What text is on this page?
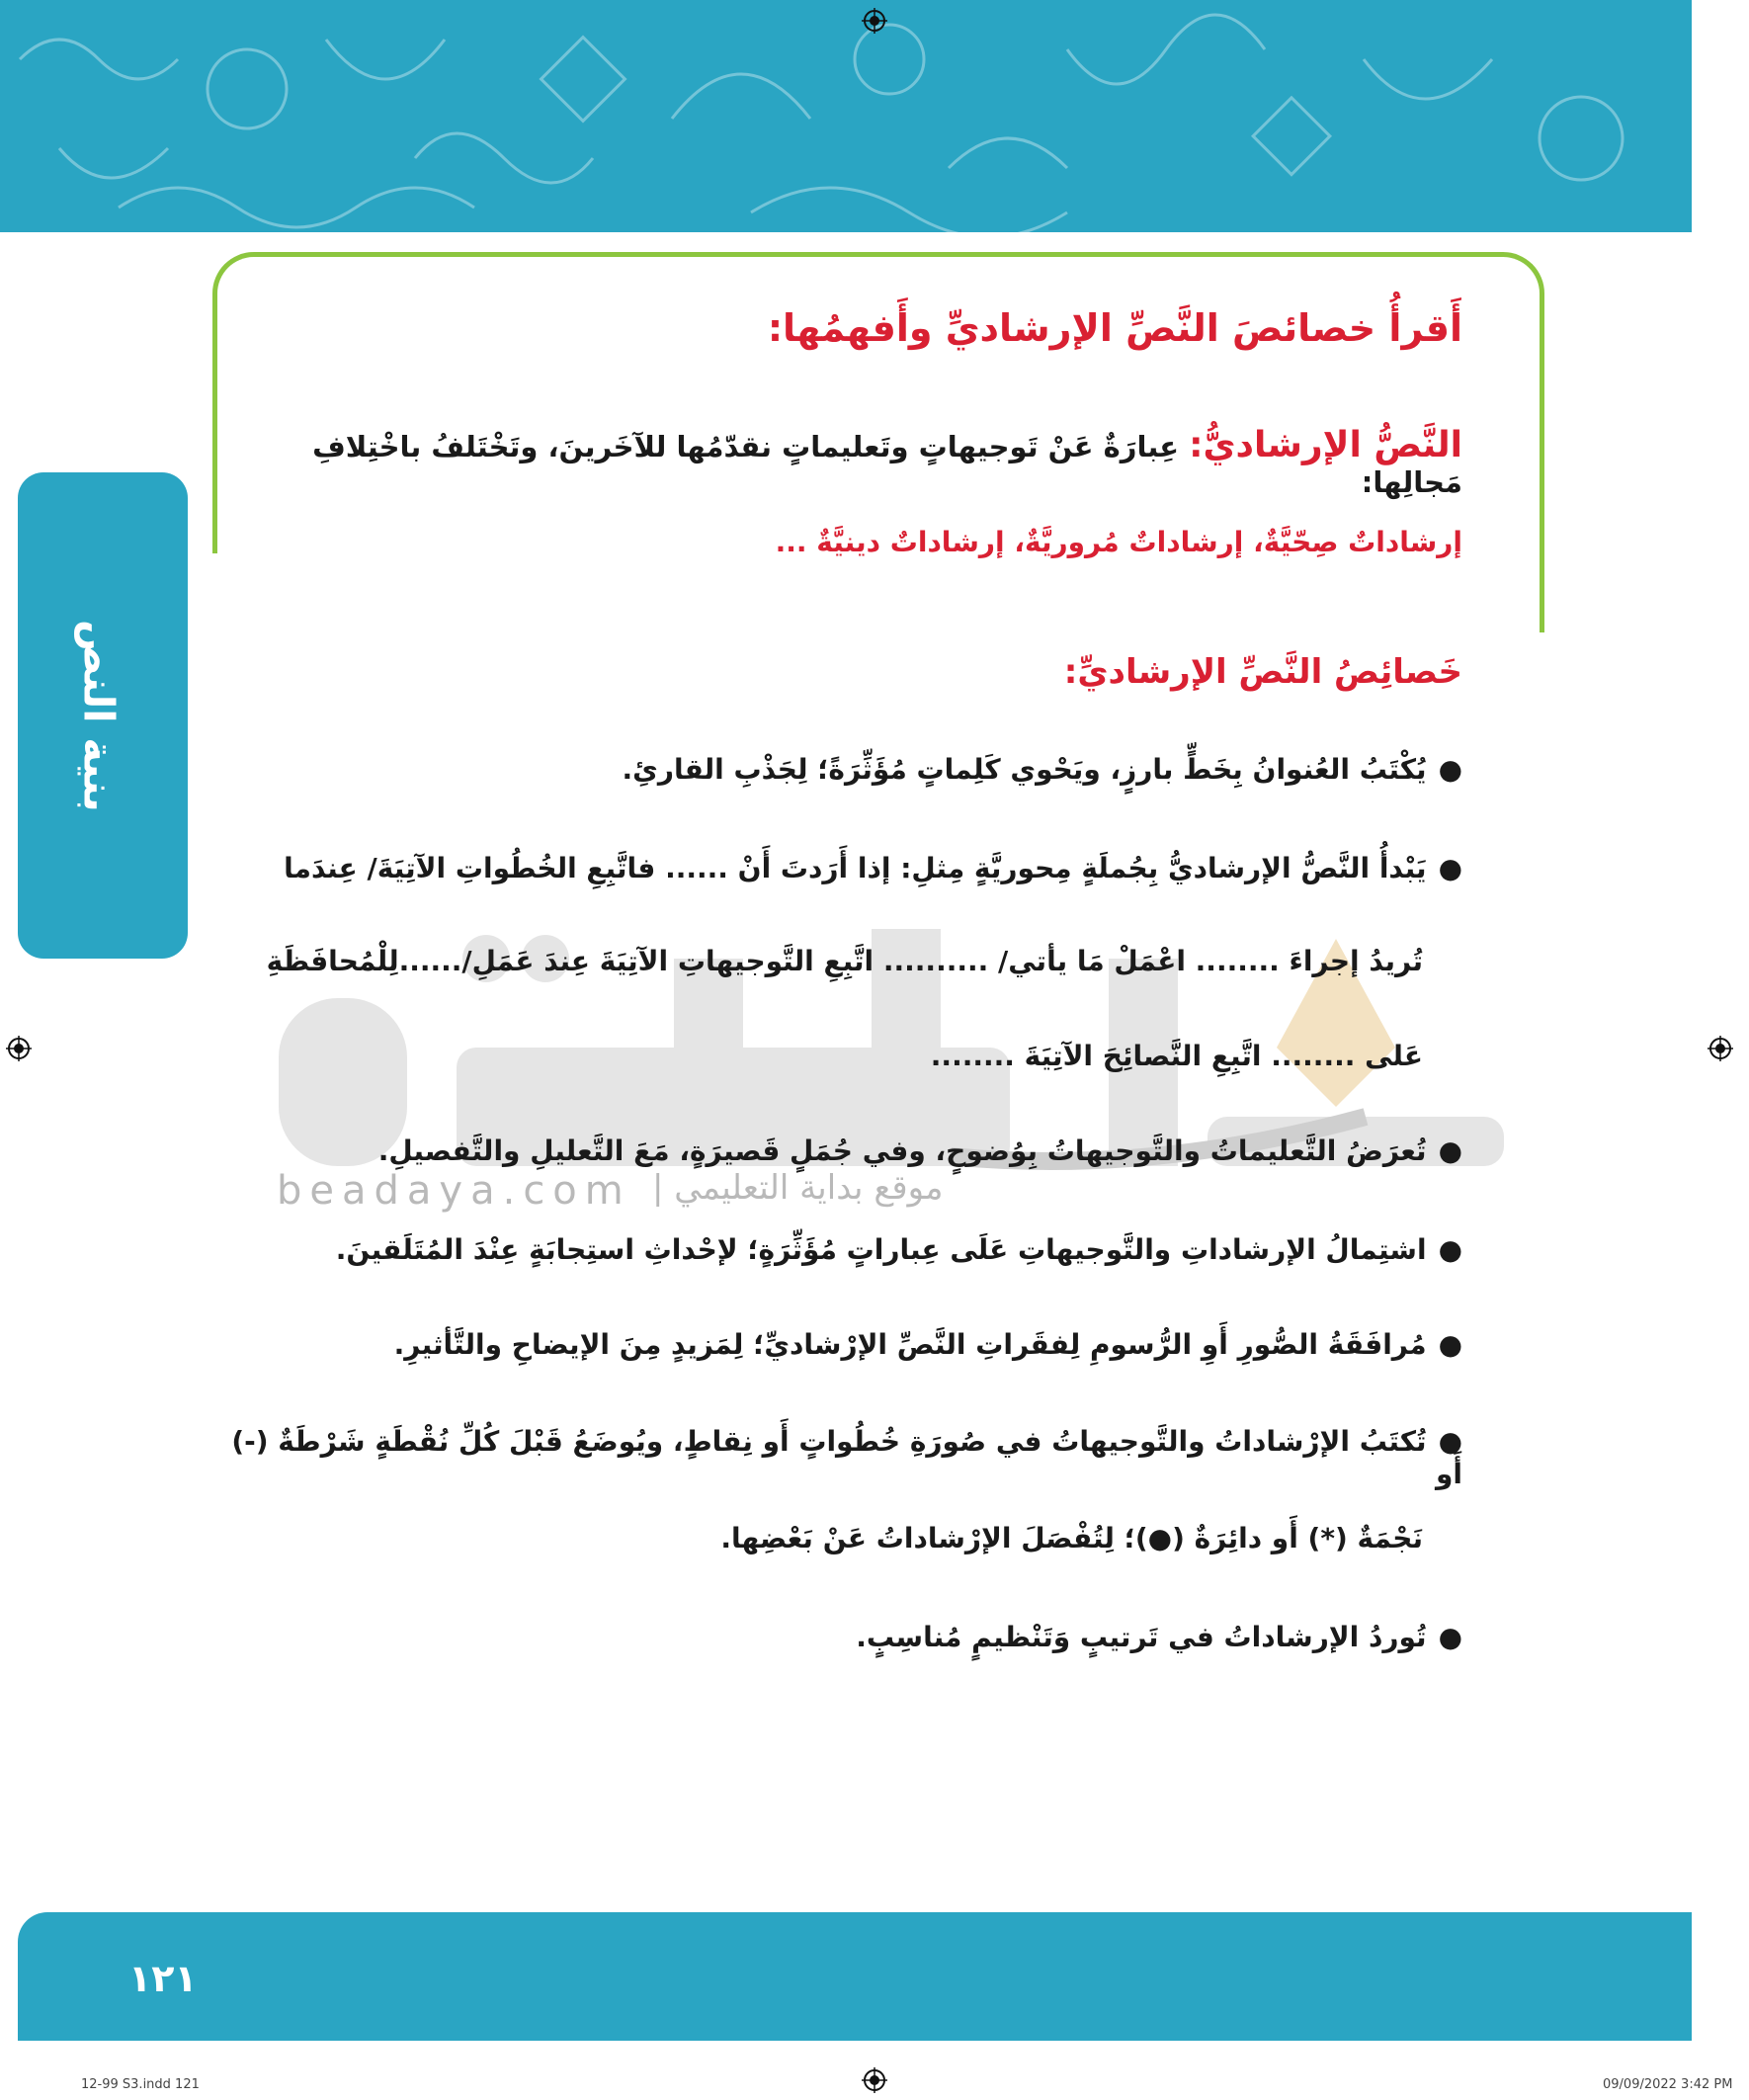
بنية النص
beadaya.com | موقع بداية التعليمي
أَقرأُ خصائصَ النَّصِّ الإرشاديِّ وأَفهمُها:
النَّصُّ الإرشاديُّ: عِبارَةٌ عَنْ تَوجيهاتٍ وتَعليماتٍ نقدّمُها للآخَرينَ، وتَخْتَلفُ باخْتِلافِ مَجالِها:
إرشاداتٌ صِحّيَّةٌ، إرشاداتٌ مُروريَّةٌ، إرشاداتٌ دينيَّةٌ ...
خَصائِصُ النَّصِّ الإرشاديِّ:
●يُكْتَبُ العُنوانُ بِخَطٍّ بارزٍ، ويَحْوي كَلِماتٍ مُؤَثِّرَةً؛ لِجَذْبِ القارئِ.
●يَبْدأُ النَّصُّ الإرشاديُّ بِجُملَةٍ مِحوريَّةٍ مِثلِ: إذا أَرَدتَ أَنْ ...... فاتَّبِعِ الخُطُواتِ الآتِيَةَ/ عِندَما
تُريدُ إجراءَ ........ اعْمَلْ مَا يأتي/ .......... اتَّبِعِ التَّوجيهاتِ الآتِيَةَ عِندَ عَمَلِ/......لِلْمُحافَظَةِ
عَلى ........ اتَّبِعِ النَّصائِحَ الآتِيَةَ ........
●تُعرَضُ التَّعليماتُ والتَّوجيهاتُ بِوُضوحٍ، وفي جُمَلٍ قَصيرَةٍ، مَعَ التَّعليلِ والتَّفصيلِ.
●اشتِمالُ الإرشاداتِ والتَّوجيهاتِ عَلَى عِباراتٍ مُؤَثِّرَةٍ؛ لإحْداثِ استِجابَةٍ عِنْدَ المُتَلَقينَ.
●مُرافَقَةُ الصُّورِ أَوِ الرُّسومِ لِفقَراتِ النَّصِّ الإرْشاديِّ؛ لِمَزيدٍ مِنَ الإيضاحِ والتَّأثيرِ.
●تُكتَبُ الإرْشاداتُ والتَّوجيهاتُ في صُورَةِ خُطُواتٍ أَو نِقاطٍ، ويُوضَعُ قَبْلَ كُلِّ نُقْطَةٍ شَرْطَةٌ (-) أَو
نَجْمَةٌ (*) أَو دائِرَةٌ (●)؛ لِتُفْصَلَ الإرْشاداتُ عَنْ بَعْضِها.
●تُوردُ الإرشاداتُ في تَرتيبٍ وَتَنْظيمٍ مُناسِبٍ.
١٢١
12-99 S3.indd 121	09/09/2022 3:42 PM
